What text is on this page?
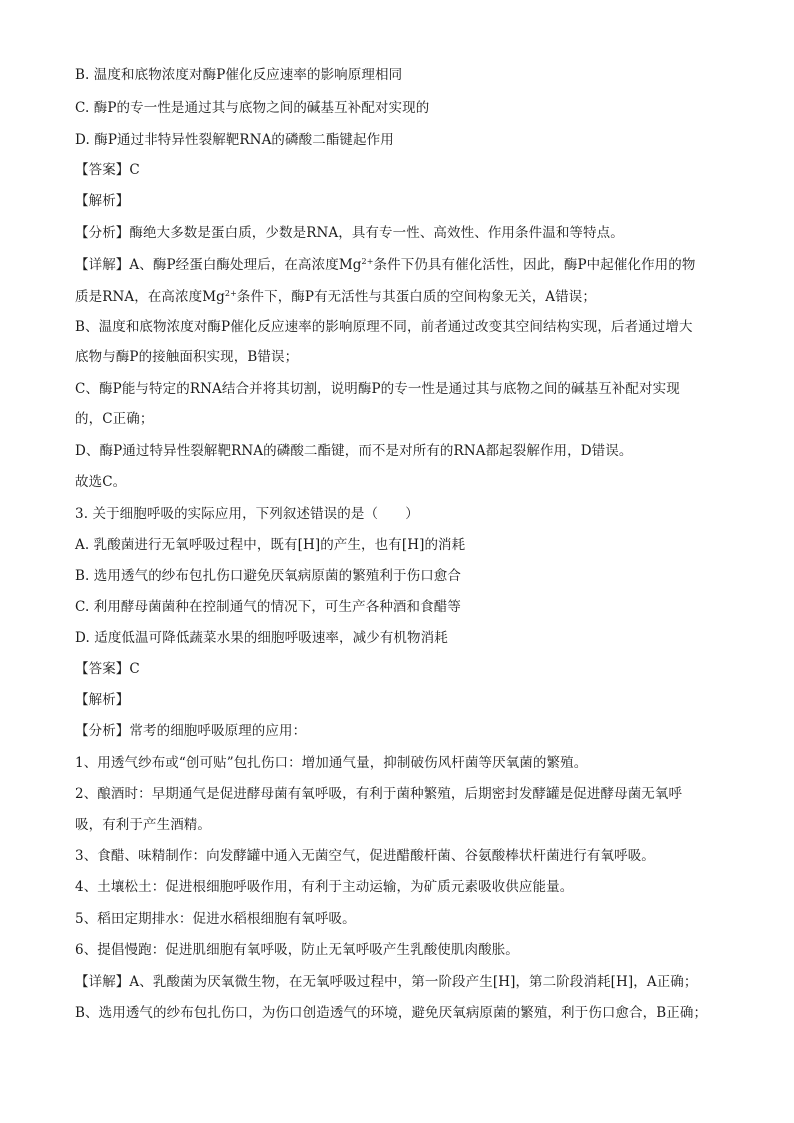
B. 温度和底物浓度对酶P催化反应速率的影响原理相同
C. 酶P的专一性是通过其与底物之间的碱基互补配对实现的
D. 酶P通过非特异性裂解靶RNA的磷酸二酯键起作用
【答案】C
【解析】
【分析】酶绝大多数是蛋白质，少数是RNA，具有专一性、高效性、作用条件温和等特点。
【详解】A、酶P经蛋白酶处理后，在高浓度$Mg^{2+}$条件下仍具有催化活性，因此，酶P中起催化作用的物
质是RNA，在高浓度$Mg^{2+}$条件下，酶P有无活性与其蛋白质的空间构象无关，A错误；
B、温度和底物浓度对酶P催化反应速率的影响原理不同，前者通过改变其空间结构实现，后者通过增大
底物与酶P的接触面积实现，B错误；
C、酶P能与特定的RNA结合并将其切割，说明酶P的专一性是通过其与底物之间的碱基互补配对实现
的，C正确；
D、酶P通过特异性裂解靶RNA的磷酸二酯键，而不是对所有的RNA都起裂解作用，D错误。
故选C。
3. 关于细胞呼吸的实际应用，下列叙述错误的是（　　）
A. 乳酸菌进行无氧呼吸过程中，既有[H]的产生，也有[H]的消耗
B. 选用透气的纱布包扎伤口避免厌氧病原菌的繁殖利于伤口愈合
C. 利用酵母菌菌种在控制通气的情况下，可生产各种酒和食醋等
D. 适度低温可降低蔬菜水果的细胞呼吸速率，减少有机物消耗
【答案】C
【解析】
【分析】常考的细胞呼吸原理的应用：
1、用透气纱布或“创可贴”包扎伤口：增加通气量，抑制破伤风杆菌等厌氧菌的繁殖。
2、酿酒时：早期通气是促进酵母菌有氧呼吸，有利于菌种繁殖，后期密封发酵罐是促进酵母菌无氧呼
吸，有利于产生酒精。
3、食醋、味精制作：向发酵罐中通入无菌空气，促进醋酸杆菌、谷氨酸棒状杆菌进行有氧呼吸。
4、土壤松土：促进根细胞呼吸作用，有利于主动运输，为矿质元素吸收供应能量。
5、稻田定期排水：促进水稻根细胞有氧呼吸。
6、提倡慢跑：促进肌细胞有氧呼吸，防止无氧呼吸产生乳酸使肌肉酸胀。
【详解】A、乳酸菌为厌氧微生物，在无氧呼吸过程中，第一阶段产生[H]，第二阶段消耗[H]，A正确；
B、选用透气的纱布包扎伤口，为伤口创造透气的环境，避免厌氧病原菌的繁殖，利于伤口愈合，B正确；
